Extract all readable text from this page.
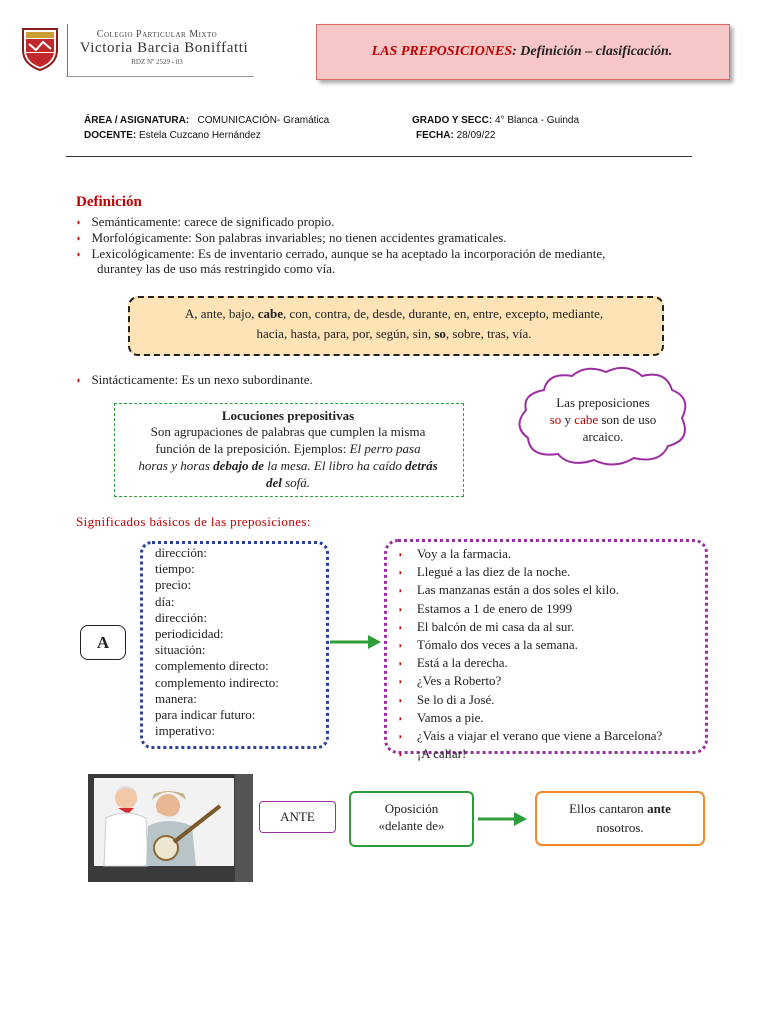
Colegio Particular Mixto
Victoria Barcia Boniffatti
RDZ Nº 2529 - 83
LAS PREPOSICIONES: Definición – clasificación.
ÁREA / ASIGNATURA: COMUNICACIÓN- Gramática	GRADO Y SECC: 4° Blanca - Guinda
DOCENTE: Estela Cuzcano Hernández	FECHA: 28/09/22
Definición
◗ Semánticamente: carece de significado propio.
◗ Morfológicamente: Son palabras invariables; no tienen accidentes gramaticales.
◗ Lexicológicamente: Es de inventario cerrado, aunque se ha aceptado la incorporación de mediante,
durantey las de uso más restringido como vía.
A, ante, bajo, cabe, con, contra, de, desde, durante, en, entre, excepto, mediante,
hacia, hasta, para, por, según, sin, so, sobre, tras, vía.
◗ Sintácticamente: Es un nexo subordinante.
Locuciones prepositivas
Son agrupaciones de palabras que cumplen la misma
función de la preposición. Ejemplos: El perro pasa
horas y horas debajo de la mesa. El libro ha caído detrás
del sofá.
Las preposiciones
so y cabe son de uso
arcaico.
Significados básicos de las preposiciones:
A
dirección:
tiempo:
precio:
día:
dirección:
periodicidad:
situación:
complemento directo:
complemento indirecto:
manera:
para indicar futuro:
imperativo:
◗ Voy a la farmacia.
◗ Llegué a las diez de la noche.
◗ Las manzanas están a dos soles el kilo.
◗ Estamos a 1 de enero de 1999
◗ El balcón de mi casa da al sur.
◗ Tómalo dos veces a la semana.
◗ Está a la derecha.
◗ ¿Ves a Roberto?
◗ Se lo di a José.
◗ Vamos a pie.
◗ ¿Vais a viajar el verano que viene a Barcelona?
◗ ¡A callar!
ANTE
Oposición
«delante de»
Ellos cantaron ante
nosotros.
